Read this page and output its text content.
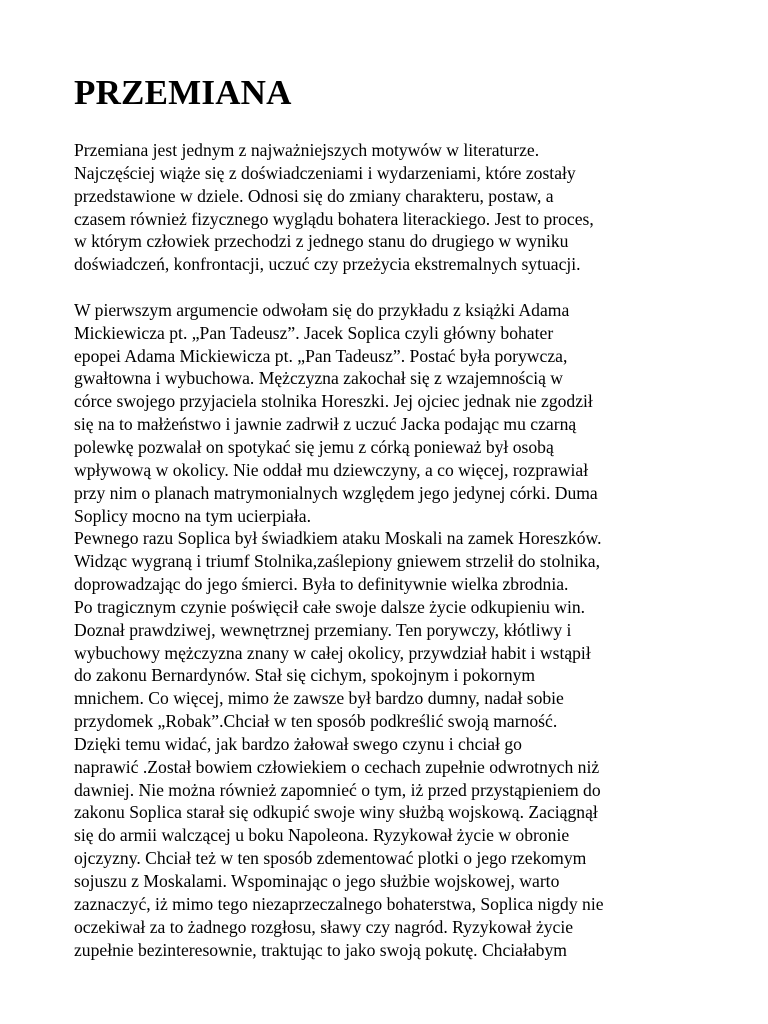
PRZEMIANA
Przemiana jest jednym z najważniejszych motywów w literaturze.
Najczęściej wiąże się z doświadczeniami i wydarzeniami, które zostały
przedstawione w dziele. Odnosi się do zmiany charakteru, postaw, a
czasem również fizycznego wyglądu bohatera literackiego. Jest to proces,
w którym człowiek przechodzi z jednego stanu do drugiego w wyniku
doświadczeń, konfrontacji, uczuć czy przeżycia ekstremalnych sytuacji.
W pierwszym argumencie odwołam się do przykładu z książki Adama
Mickiewicza pt. „Pan Tadeusz”. Jacek Soplica czyli główny bohater
epopei Adama Mickiewicza pt. „Pan Tadeusz”. Postać była porywcza,
gwałtowna i wybuchowa. Mężczyzna zakochał się z wzajemnością w
córce swojego przyjaciela stolnika Horeszki. Jej ojciec jednak nie zgodził
się na to małżeństwo i jawnie zadrwił z uczuć Jacka podając mu czarną
polewkę pozwalał on spotykać się jemu z córką ponieważ był osobą
wpływową w okolicy. Nie oddał mu dziewczyny, a co więcej, rozprawiał
przy nim o planach matrymonialnych względem jego jedynej córki. Duma
Soplicy mocno na tym ucierpiała.
Pewnego razu Soplica był świadkiem ataku Moskali na zamek Horeszków.
Widząc wygraną i triumf Stolnika,zaślepiony gniewem strzelił do stolnika,
doprowadzając do jego śmierci. Była to definitywnie wielka zbrodnia.
Po tragicznym czynie poświęcił całe swoje dalsze życie odkupieniu win.
Doznał prawdziwej, wewnętrznej przemiany. Ten porywczy, kłótliwy i
wybuchowy mężczyzna znany w całej okolicy, przywdział habit i wstąpił
do zakonu Bernardynów. Stał się cichym, spokojnym i pokornym
mnichem. Co więcej, mimo że zawsze był bardzo dumny, nadał sobie
przydomek „Robak”.Chciał w ten sposób podkreślić swoją marność.
Dzięki temu widać, jak bardzo żałował swego czynu i chciał go
naprawić .Został bowiem człowiekiem o cechach zupełnie odwrotnych niż
dawniej. Nie można również zapomnieć o tym, iż przed przystąpieniem do
zakonu Soplica starał się odkupić swoje winy służbą wojskową. Zaciągnął
się do armii walczącej u boku Napoleona. Ryzykował życie w obronie
ojczyzny. Chciał też w ten sposób zdementować plotki o jego rzekomym
sojuszu z Moskalami. Wspominając o jego służbie wojskowej, warto
zaznaczyć, iż mimo tego niezaprzeczalnego bohaterstwa, Soplica nigdy nie
oczekiwał za to żadnego rozgłosu, sławy czy nagród. Ryzykował życie
zupełnie bezinteresownie, traktując to jako swoją pokutę. Chciałabym
